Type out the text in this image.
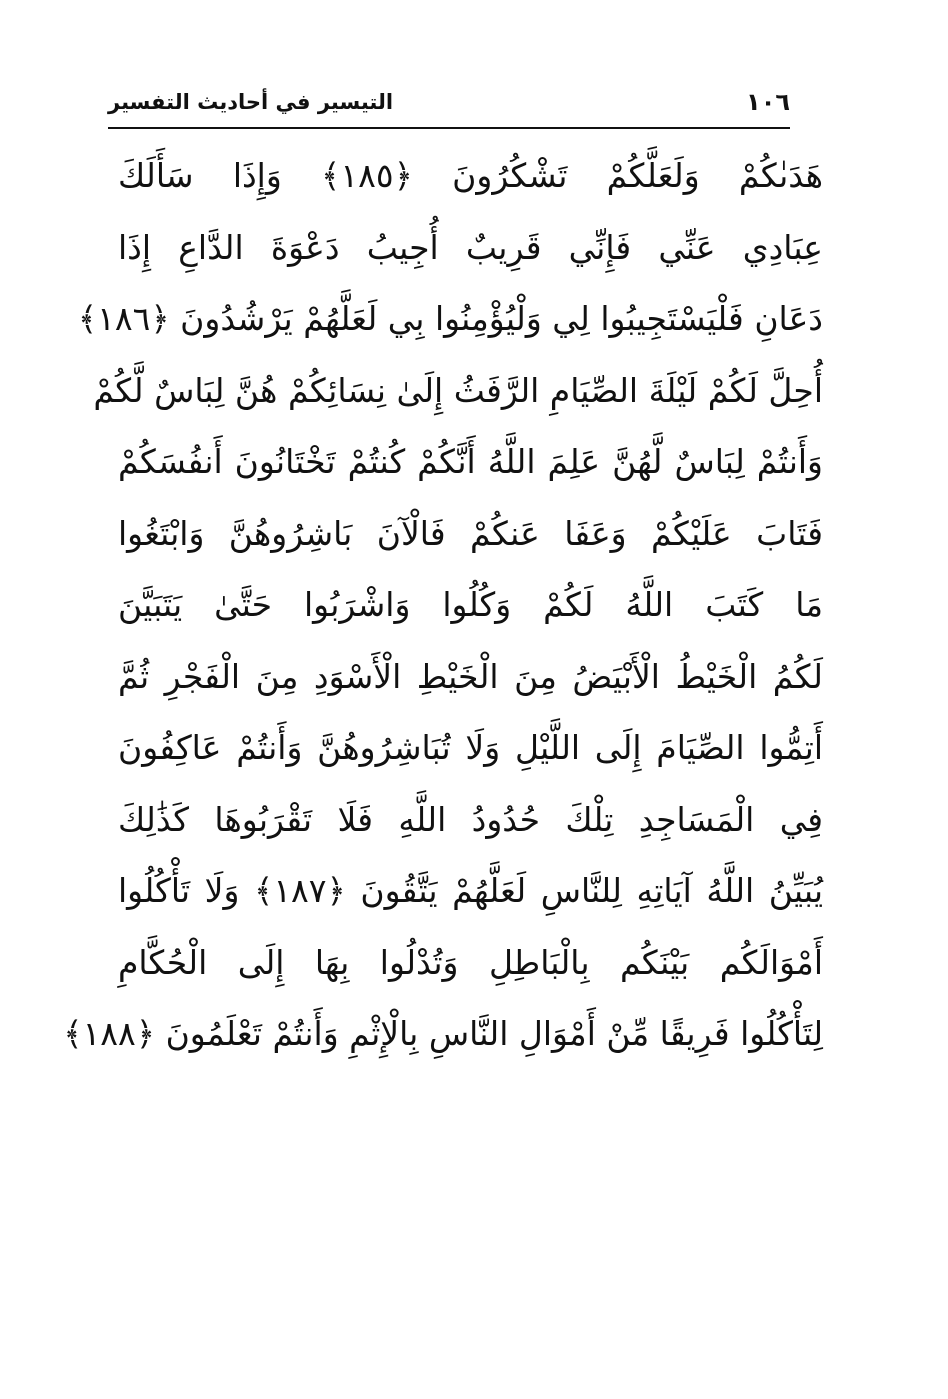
١٠٦
التيسير في أحاديث التفسير
هَدَىٰكُمْ وَلَعَلَّكُمْ تَشْكُرُونَ ﴿١٨٥﴾ وَإِذَا سَأَلَكَ
عِبَادِي عَنِّي فَإِنِّي قَرِيبٌ أُجِيبُ دَعْوَةَ الدَّاعِ إِذَا
دَعَانِ فَلْيَسْتَجِيبُوا لِي وَلْيُؤْمِنُوا بِي لَعَلَّهُمْ يَرْشُدُونَ ﴿١٨٦﴾
أُحِلَّ لَكُمْ لَيْلَةَ الصِّيَامِ الرَّفَثُ إِلَىٰ نِسَائِكُمْ هُنَّ لِبَاسٌ لَّكُمْ
وَأَنتُمْ لِبَاسٌ لَّهُنَّ عَلِمَ اللَّهُ أَنَّكُمْ كُنتُمْ تَخْتَانُونَ أَنفُسَكُمْ
فَتَابَ عَلَيْكُمْ وَعَفَا عَنكُمْ فَالْآنَ بَاشِرُوهُنَّ وَابْتَغُوا
مَا كَتَبَ اللَّهُ لَكُمْ وَكُلُوا وَاشْرَبُوا حَتَّىٰ يَتَبَيَّنَ
لَكُمُ الْخَيْطُ الْأَبْيَضُ مِنَ الْخَيْطِ الْأَسْوَدِ مِنَ الْفَجْرِ ثُمَّ
أَتِمُّوا الصِّيَامَ إِلَى اللَّيْلِ وَلَا تُبَاشِرُوهُنَّ وَأَنتُمْ عَاكِفُونَ
فِي الْمَسَاجِدِ تِلْكَ حُدُودُ اللَّهِ فَلَا تَقْرَبُوهَا كَذَٰلِكَ
يُبَيِّنُ اللَّهُ آيَاتِهِ لِلنَّاسِ لَعَلَّهُمْ يَتَّقُونَ ﴿١٨٧﴾ وَلَا تَأْكُلُوا
أَمْوَالَكُم بَيْنَكُم بِالْبَاطِلِ وَتُدْلُوا بِهَا إِلَى الْحُكَّامِ
لِتَأْكُلُوا فَرِيقًا مِّنْ أَمْوَالِ النَّاسِ بِالْإِثْمِ وَأَنتُمْ تَعْلَمُونَ ﴿١٨٨﴾
